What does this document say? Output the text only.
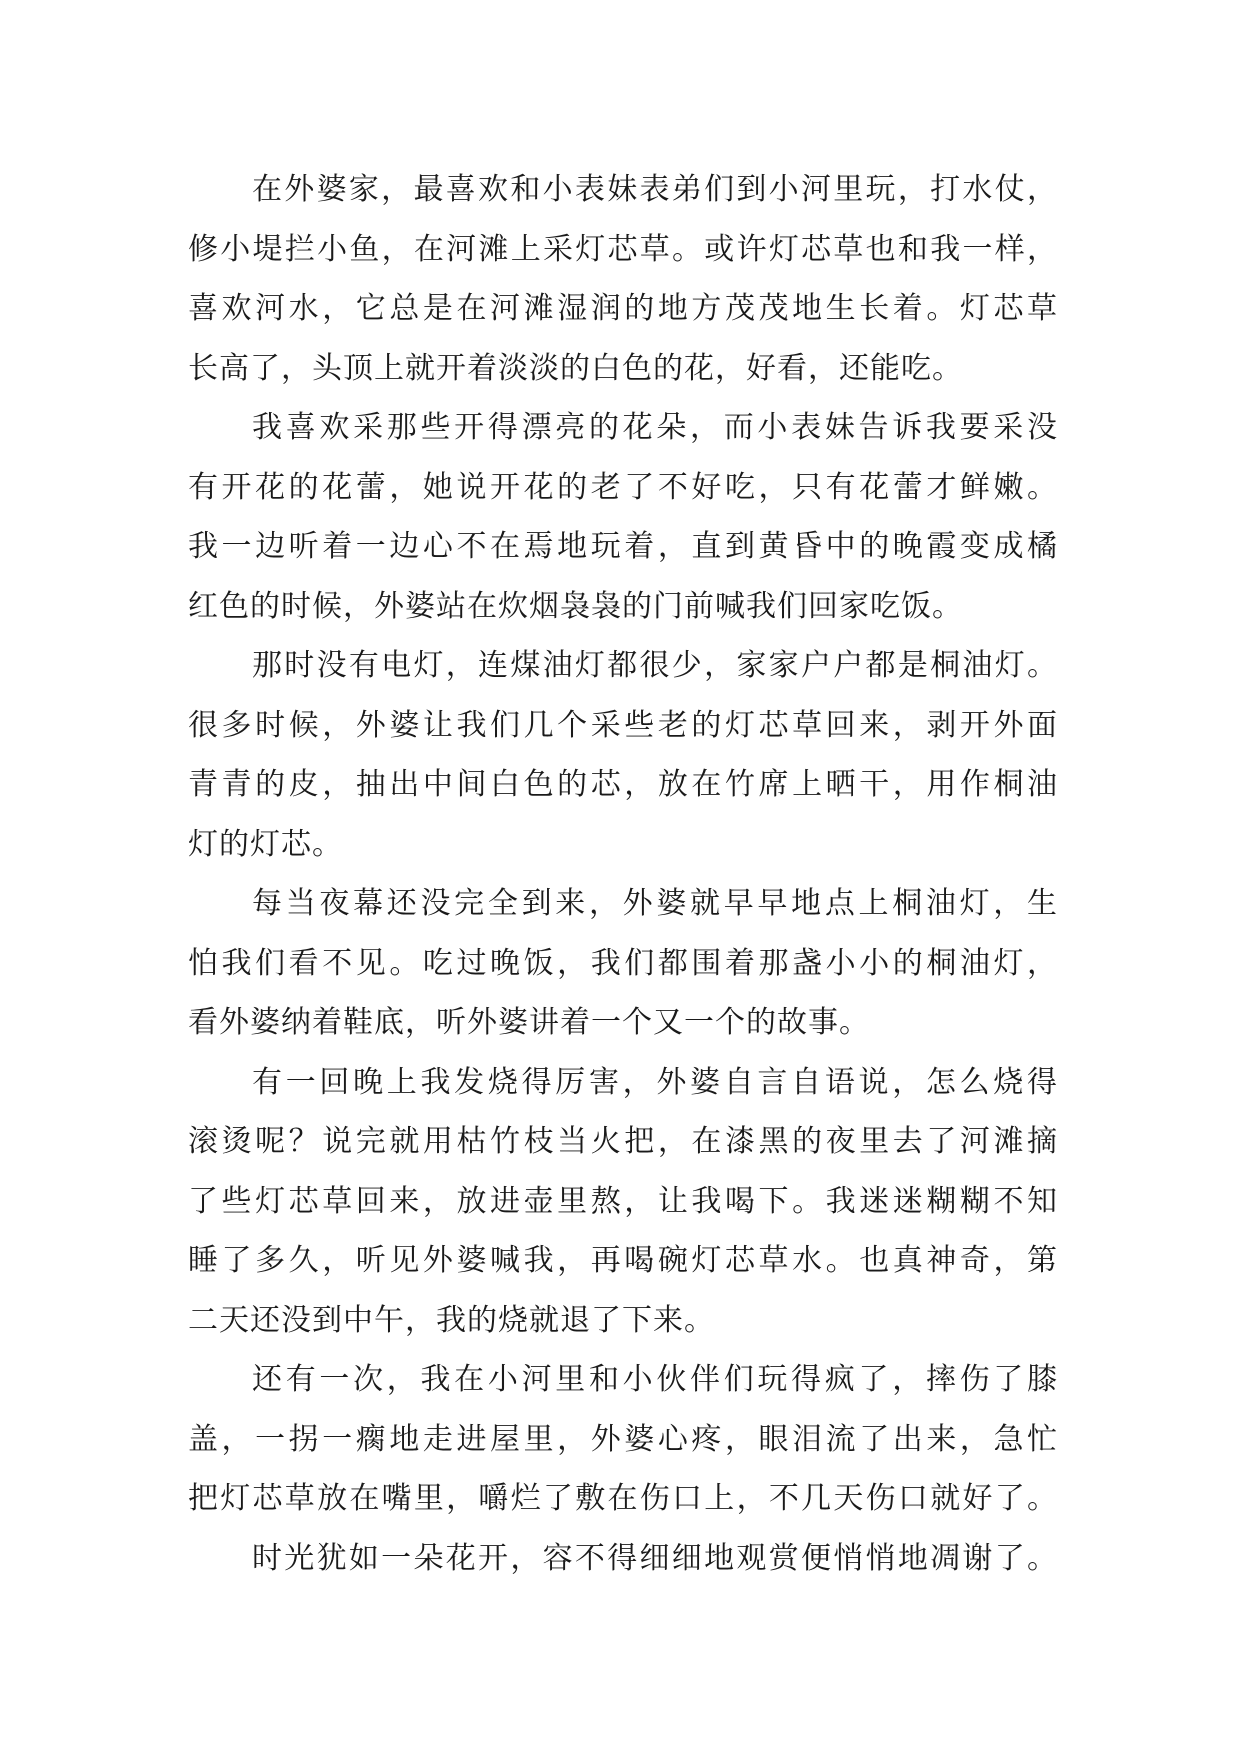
在外婆家，最喜欢和小表妹表弟们到小河里玩，打水仗，
修小堤拦小鱼，在河滩上采灯芯草。或许灯芯草也和我一样，
喜欢河水，它总是在河滩湿润的地方茂茂地生长着。灯芯草
长高了，头顶上就开着淡淡的白色的花，好看，还能吃。
我喜欢采那些开得漂亮的花朵，而小表妹告诉我要采没
有开花的花蕾，她说开花的老了不好吃，只有花蕾才鲜嫩。
我一边听着一边心不在焉地玩着，直到黄昏中的晚霞变成橘
红色的时候，外婆站在炊烟袅袅的门前喊我们回家吃饭。
那时没有电灯，连煤油灯都很少，家家户户都是桐油灯。
很多时候，外婆让我们几个采些老的灯芯草回来，剥开外面
青青的皮，抽出中间白色的芯，放在竹席上晒干，用作桐油
灯的灯芯。
每当夜幕还没完全到来，外婆就早早地点上桐油灯，生
怕我们看不见。吃过晚饭，我们都围着那盏小小的桐油灯，
看外婆纳着鞋底，听外婆讲着一个又一个的故事。
有一回晚上我发烧得厉害，外婆自言自语说，怎么烧得
滚烫呢？说完就用枯竹枝当火把，在漆黑的夜里去了河滩摘
了些灯芯草回来，放进壶里熬，让我喝下。我迷迷糊糊不知
睡了多久，听见外婆喊我，再喝碗灯芯草水。也真神奇，第
二天还没到中午，我的烧就退了下来。
还有一次，我在小河里和小伙伴们玩得疯了，摔伤了膝
盖，一拐一瘸地走进屋里，外婆心疼，眼泪流了出来，急忙
把灯芯草放在嘴里，嚼烂了敷在伤口上，不几天伤口就好了。
时光犹如一朵花开，容不得细细地观赏便悄悄地凋谢了。
